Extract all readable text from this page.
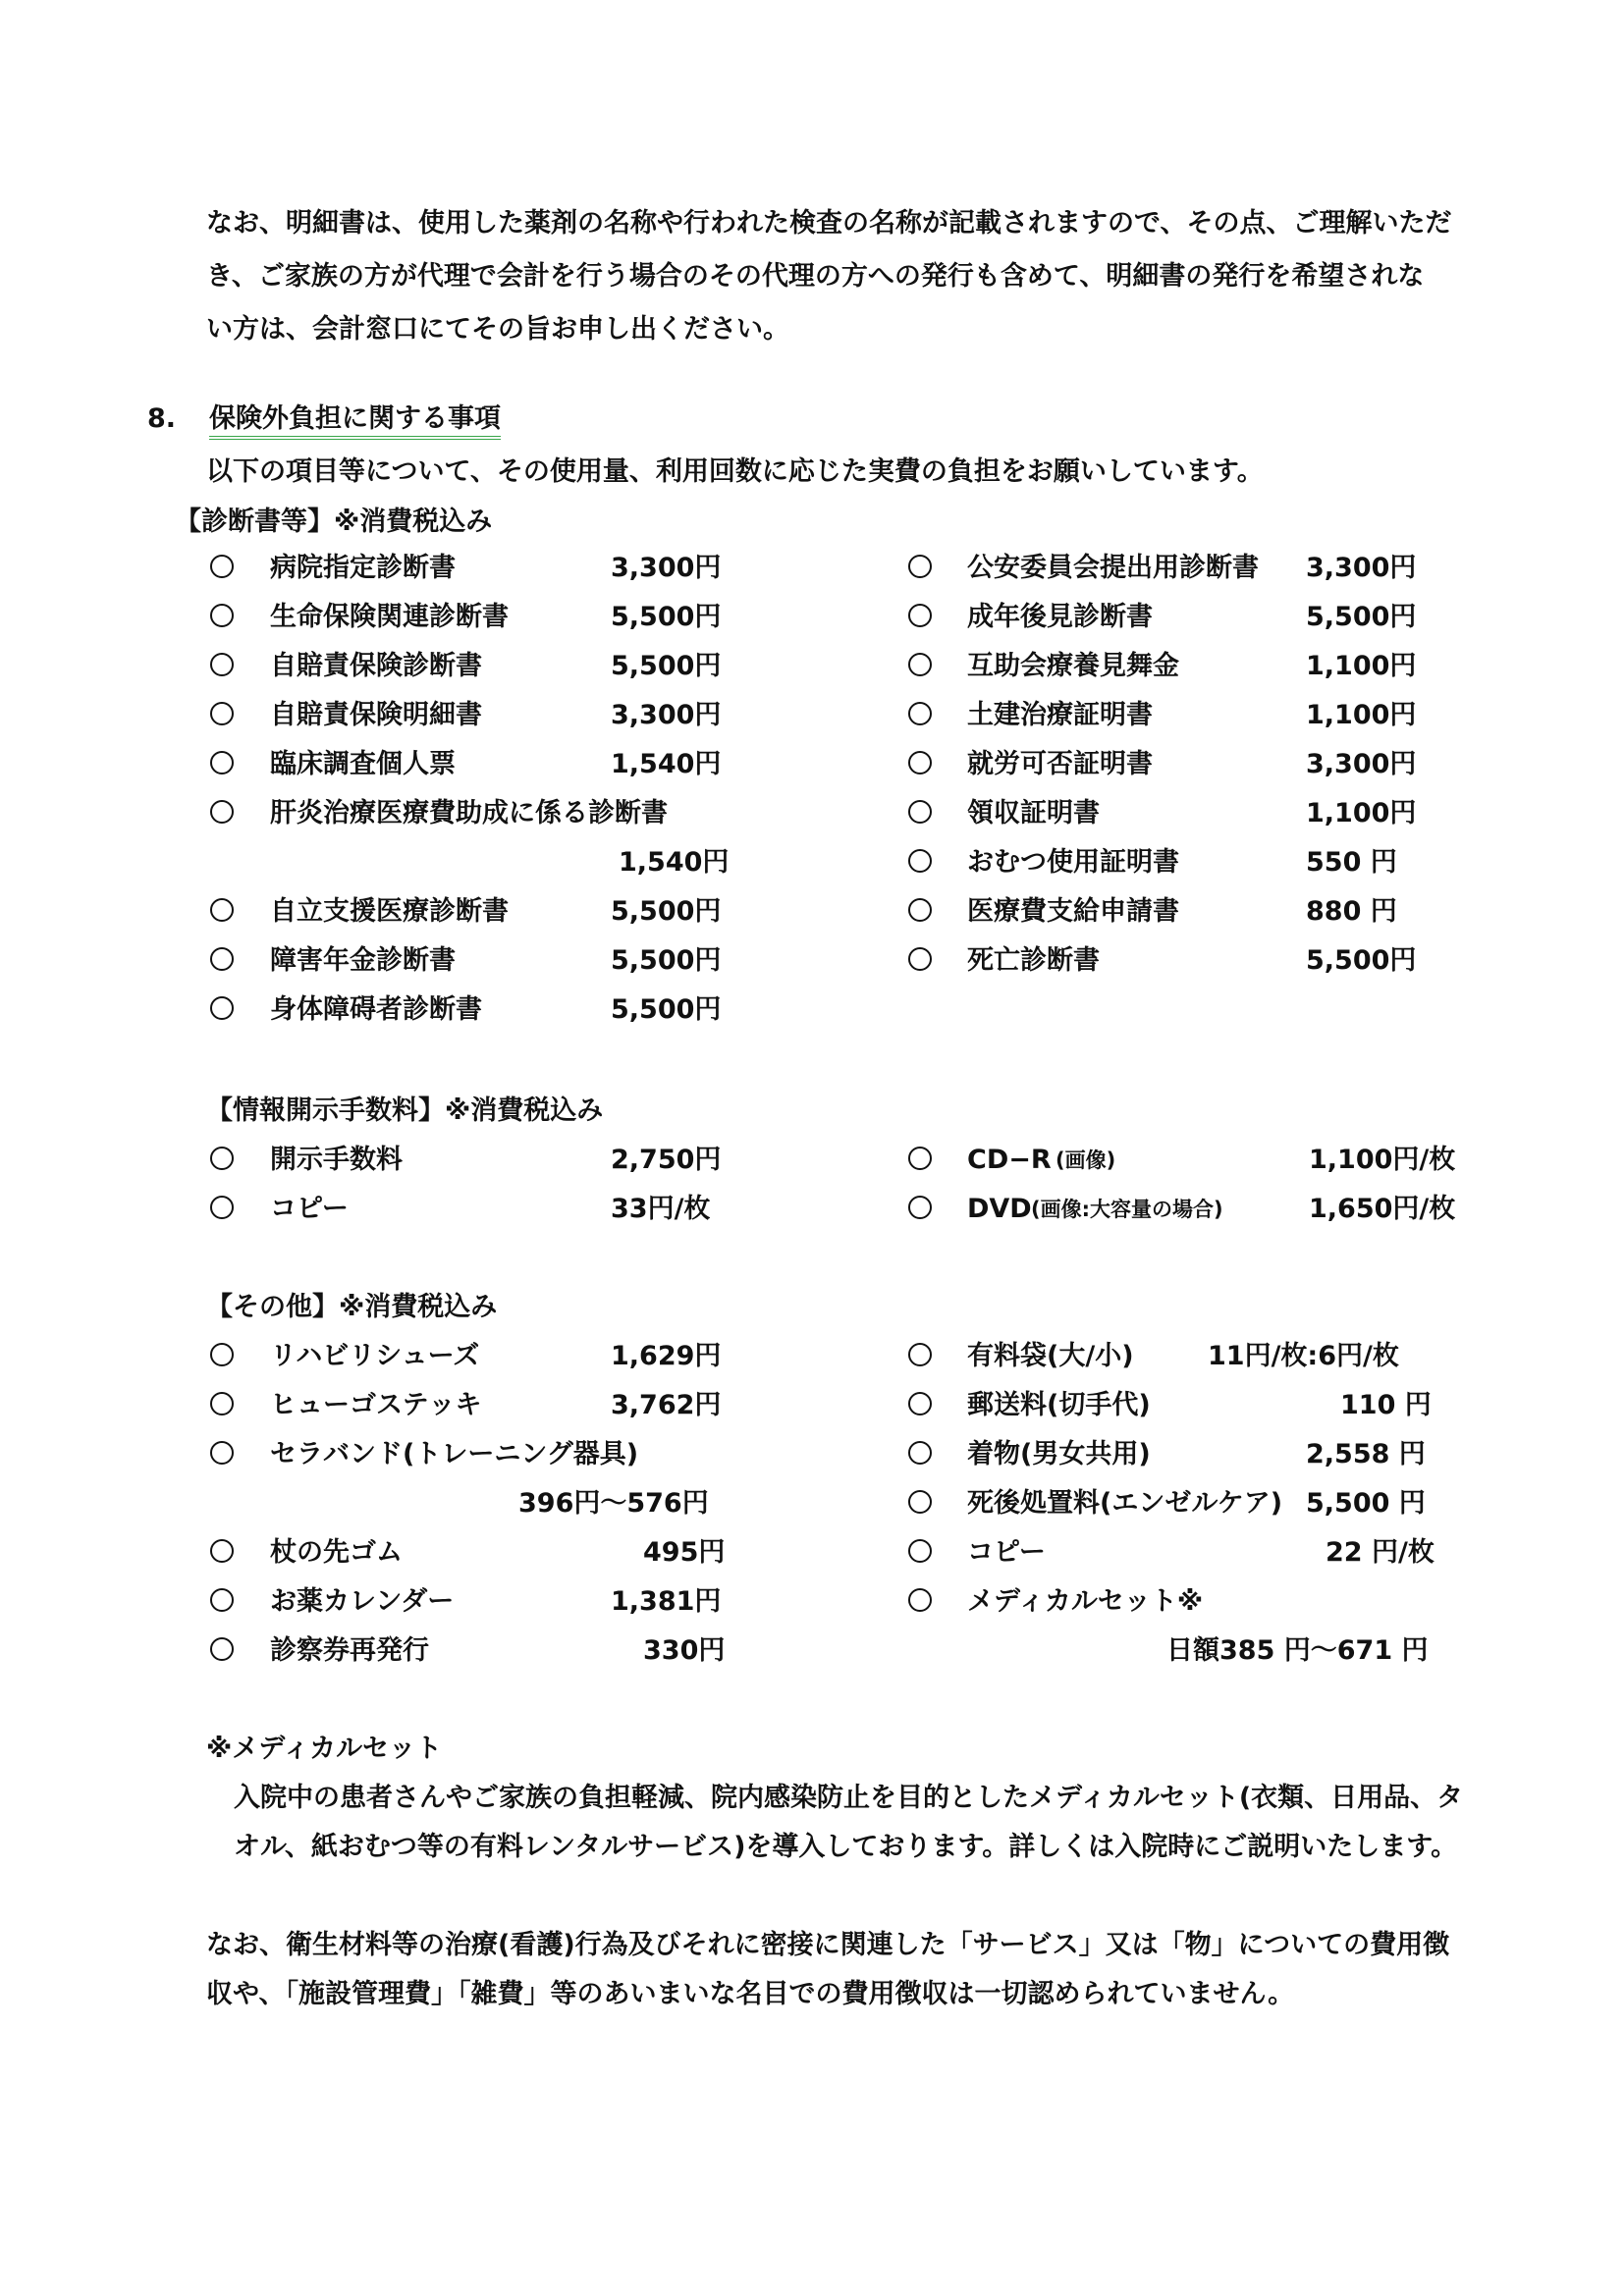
なお、明細書は、使用した薬剤の名称や行われた検査の名称が記載されますので、その点、ご理解いただ
き、ご家族の方が代理で会計を行う場合のその代理の方への発行も含めて、明細書の発行を希望されな
い方は、会計窓口にてその旨お申し出ください。
8. 保険外負担に関する事項
以下の項目等について、その使用量、利用回数に応じた実費の負担をお願いしています。
【診断書等】※消費税込み
病院指定診断書	3,300円
生命保険関連診断書	5,500円
自賠責保険診断書	5,500円
自賠責保険明細書	3,300円
臨床調査個人票	1,540円
肝炎治療医療費助成に係る診断書
1,540円
自立支援医療診断書	5,500円
障害年金診断書	5,500円
身体障碍者診断書	5,500円
公安委員会提出用診断書 3,300円
成年後見診断書	5,500円
互助会療養見舞金	1,100円
土建治療証明書	1,100円
就労可否証明書	3,300円
領収証明書	1,100円
おむつ使用証明書	550 円
医療費支給申請書	880 円
死亡診断書	5,500円
【情報開示手数料】※消費税込み
開示手数料	2,750円
コピー	33円/枚
CD−R (画像)	1,100円/枚
DVD (画像:大容量の場合)	1,650円/枚
【その他】※消費税込み
リハビリシューズ	1,629円
ヒューゴステッキ	3,762円
セラバンド(トレーニング器具)
396円〜576円
杖の先ゴム	495円
お薬カレンダー	1,381円
診察券再発行	330円
有料袋(大/小)	11円/枚:6円/枚
郵送料(切手代)	110 円
着物(男女共用)	2,558 円
死後処置料(エンゼルケア) 5,500 円
コピー	22 円/枚
メディカルセット※
日額385 円〜671 円
※メディカルセット
入院中の患者さんやご家族の負担軽減、院内感染防止を目的としたメディカルセット(衣類、日用品、タ
オル、紙おむつ等の有料レンタルサービス)を導入しております。詳しくは入院時にご説明いたします。
なお、衛生材料等の治療(看護)行為及びそれに密接に関連した「サービス」又は「物」についての費用徴
収や、「施設管理費」「雑費」等のあいまいな名目での費用徴収は一切認められていません。
